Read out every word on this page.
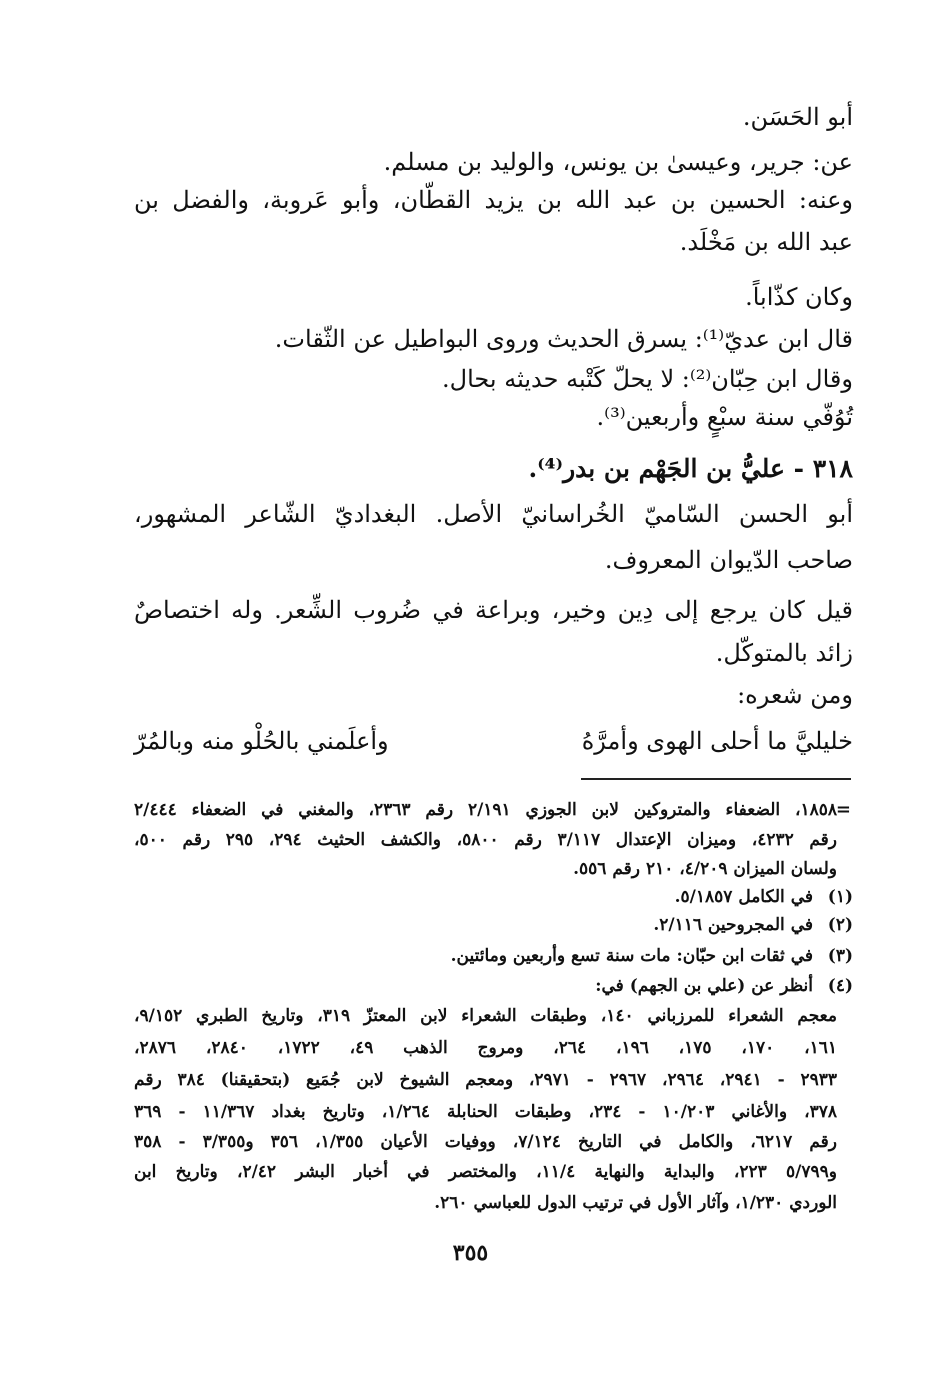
أبو الحَسَن.
عن: جرير، وعيسىٰ بن يونس، والوليد بن مسلم.
وعنه: الحسين بن عبد الله بن يزيد القطّان، وأبو عَروبة، والفضل بن
عبد الله بن مَخْلَد.
وكان كذّاباً.
قال ابن عديّ⁽¹⁾: يسرق الحديث وروى البواطيل عن الثّقات.
وقال ابن حِبّان⁽²⁾: لا يحلّ كَتْبه حديثه بحال.
تُوُفّي سنة سبْعٍ وأربعين⁽³⁾.
٣١٨ - عليُّ بن الجَهْم بن بدر⁽⁴⁾.
أبو الحسن السّاميّ الخُراسانيّ الأصل. البغداديّ الشّاعر المشهور،
صاحب الدّيوان المعروف.
قيل كان يرجع إلى دِين وخير، وبراعة في ضُروب الشِّعر. وله اختصاصٌ
زائد بالمتوكّل.
ومن شعره:
خليليَّ ما أحلى الهوى وأمرَّهُ
وأعلَمني بالحُلْو منه وبالمُرّ
=
١٨٥٨، الضعفاء والمتروكين لابن الجوزي ٢/١٩١ رقم ٢٣٦٣، والمغني في الضعفاء ٢/٤٤٤
رقم ٤٢٣٢، وميزان الإعتدال ٣/١١٧ رقم ٥٨٠٠، والكشف الحثيث ٢٩٤، ٢٩٥ رقم ٥٠٠،
ولسان الميزان ٤/٢٠٩، ٢١٠ رقم ٥٥٦.
(١)
في الكامل ٥/١٨٥٧.
(٢)
في المجروحين ٢/١١٦.
(٣)
في ثقات ابن حبّان: مات سنة تسع وأربعين ومائتين.
(٤)
أنظر عن (علي بن الجهم) في:
معجم الشعراء للمرزباني ١٤٠، وطبقات الشعراء لابن المعتزّ ٣١٩، وتاريخ الطبري ٩/١٥٢،
١٦١، ١٧٠، ١٧٥، ١٩٦، ٢٦٤، ومروج الذهب ٤٩، ١٧٢٢، ٢٨٤٠، ٢٨٧٦،
٢٩٣٣ - ٢٩٤١، ٢٩٦٤، ٢٩٦٧ - ٢٩٧١، ومعجم الشيوخ لابن جُمَيع (بتحقيقنا) ٣٨٤ رقم
٣٧٨، والأغاني ١٠/٢٠٣ - ٢٣٤، وطبقات الحنابلة ١/٢٦٤، وتاريخ بغداد ١١/٣٦٧ - ٣٦٩
رقم ٦٢١٧، والكامل في التاريخ ٧/١٢٤، ووفيات الأعيان ١/٣٥٥، ٣٥٦ و٣/٣٥٥ - ٣٥٨
و٥/٧٩٩ ٢٢٣، والبداية والنهاية ١١/٤، والمختصر في أخبار البشر ٢/٤٢، وتاريخ ابن
الوردي ١/٢٣٠، وآثار الأول في ترتيب الدول للعباسي ٢٦٠.
٣٥٥
